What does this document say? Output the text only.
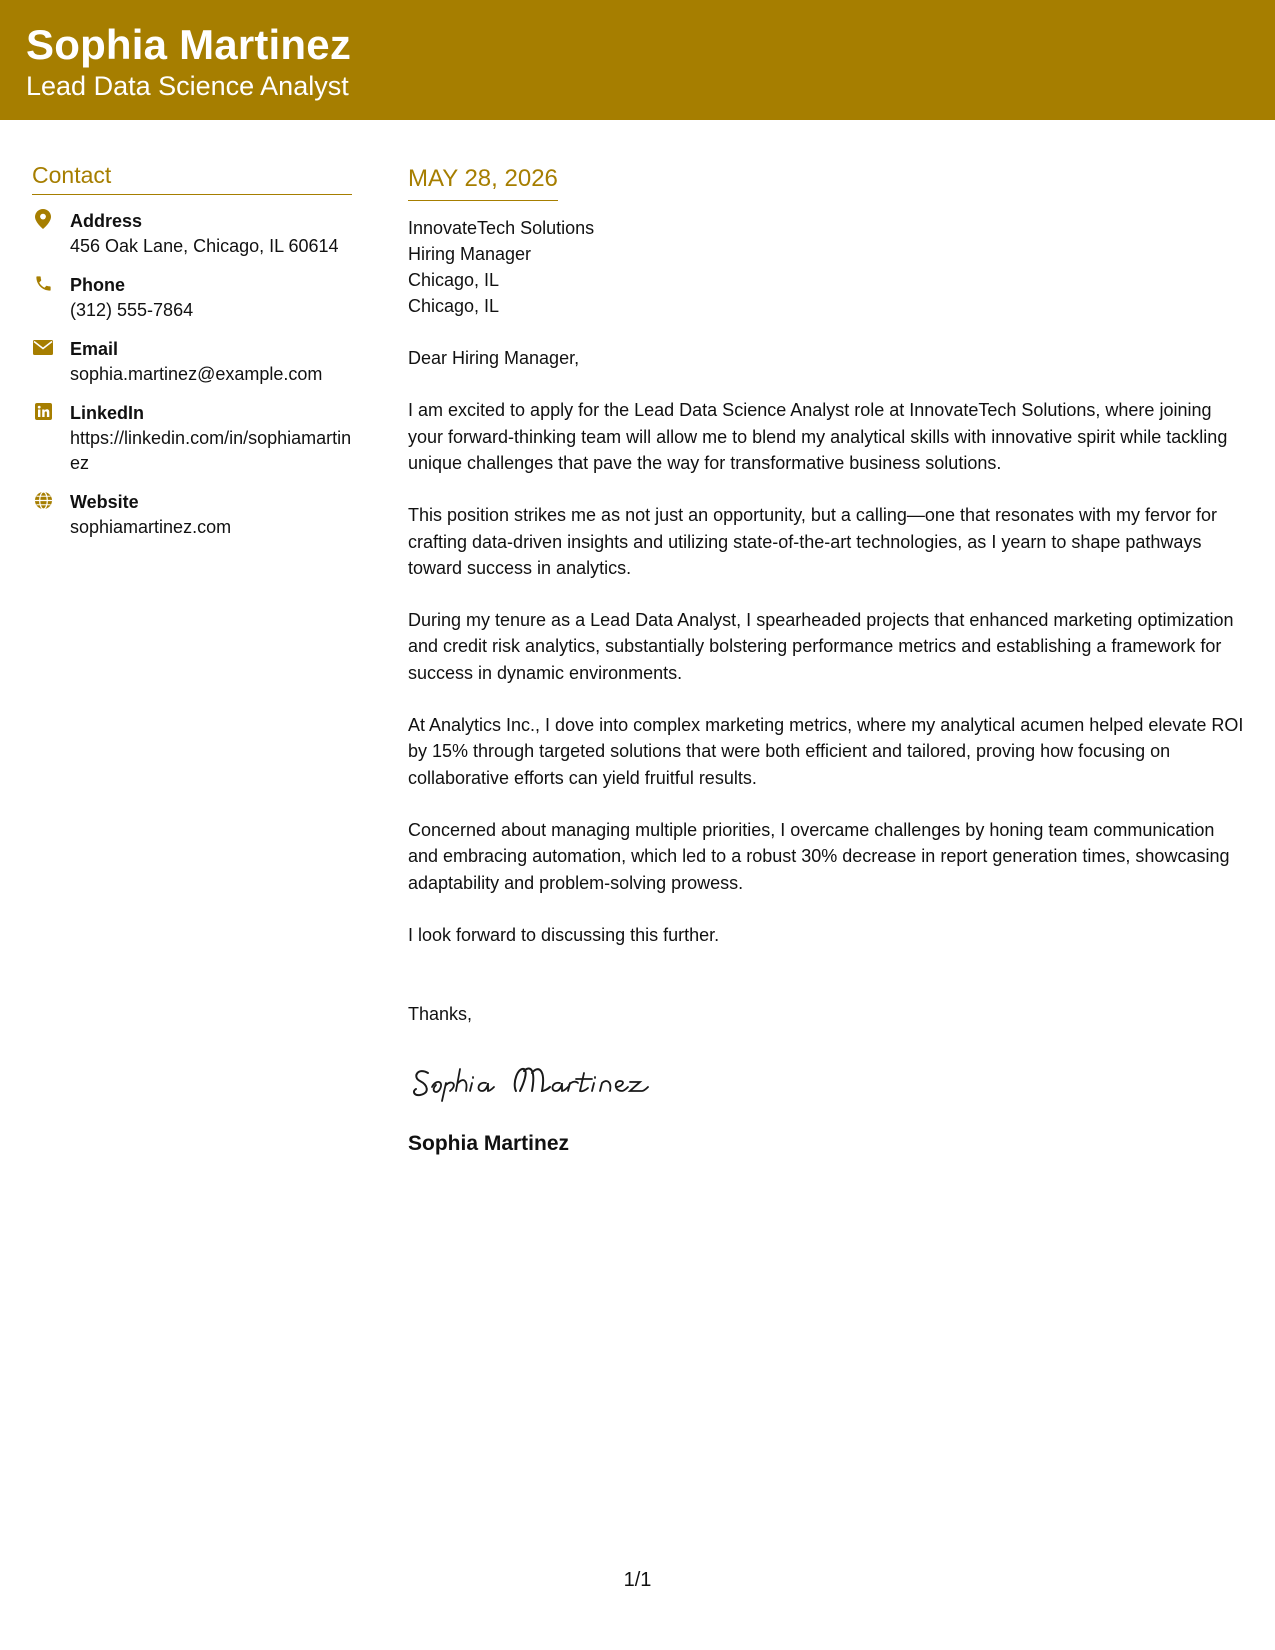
Sophia Martinez
Lead Data Science Analyst
Contact
Address
456 Oak Lane, Chicago, IL 60614
Phone
(312) 555-7864
Email
sophia.martinez@example.com
LinkedIn
https://linkedin.com/in/sophiamartinez
Website
sophiamartinez.com
MAY 28, 2026
InnovateTech Solutions
Hiring Manager
Chicago, IL
Chicago, IL
Dear Hiring Manager,
I am excited to apply for the Lead Data Science Analyst role at InnovateTech Solutions, where joining your forward-thinking team will allow me to blend my analytical skills with innovative spirit while tackling unique challenges that pave the way for transformative business solutions.
This position strikes me as not just an opportunity, but a calling—one that resonates with my fervor for crafting data-driven insights and utilizing state-of-the-art technologies, as I yearn to shape pathways toward success in analytics.
During my tenure as a Lead Data Analyst, I spearheaded projects that enhanced marketing optimization and credit risk analytics, substantially bolstering performance metrics and establishing a framework for success in dynamic environments.
At Analytics Inc., I dove into complex marketing metrics, where my analytical acumen helped elevate ROI by 15% through targeted solutions that were both efficient and tailored, proving how focusing on collaborative efforts can yield fruitful results.
Concerned about managing multiple priorities, I overcame challenges by honing team communication and embracing automation, which led to a robust 30% decrease in report generation times, showcasing adaptability and problem-solving prowess.
I look forward to discussing this further.
Thanks,
Sophia Martinez
1/1
